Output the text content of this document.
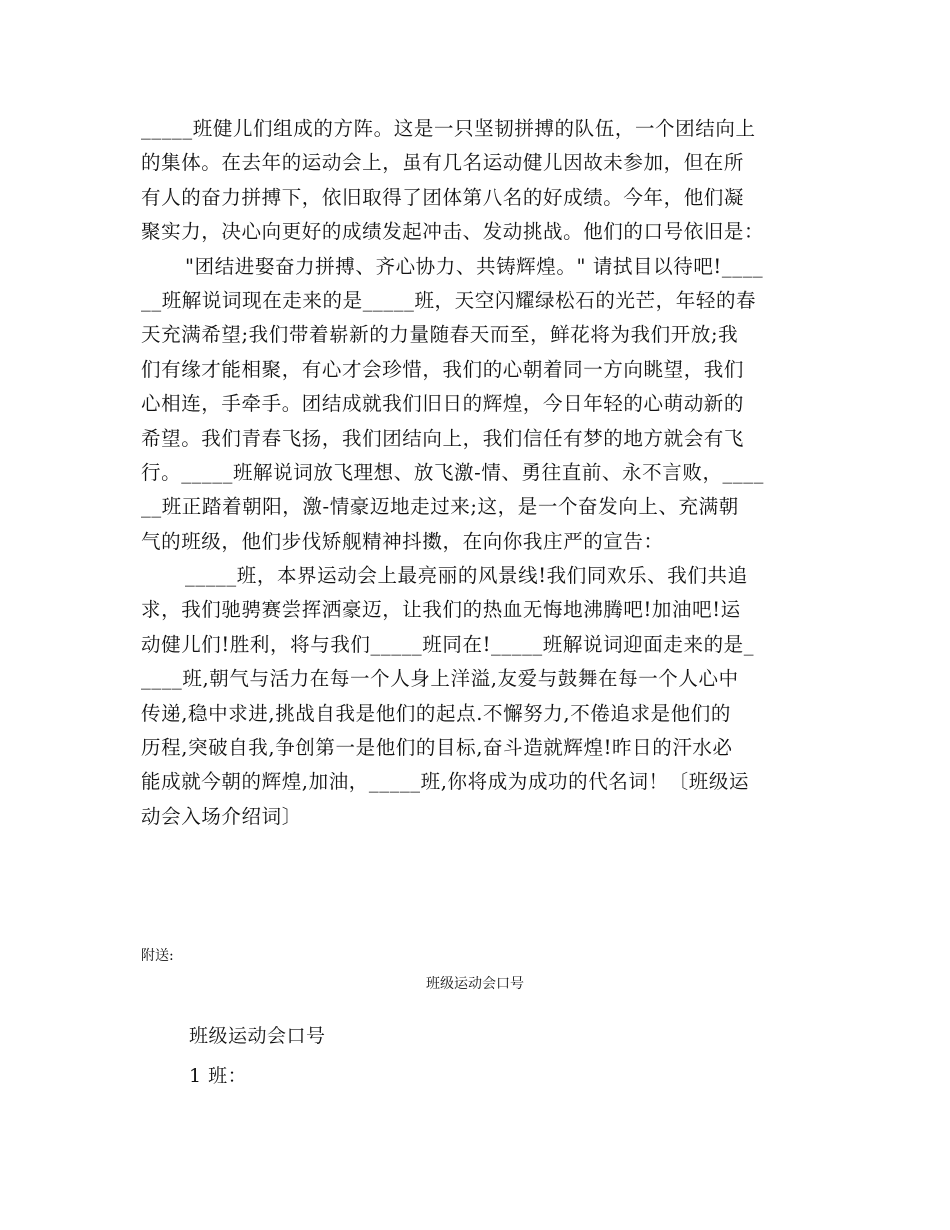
_____班健儿们组成的方阵。这是一只坚韧拼搏的队伍，一个团结向上
的集体。在去年的运动会上，虽有几名运动健儿因故未参加，但在所
有人的奋力拼搏下，依旧取得了团体第八名的好成绩。今年，他们凝
聚实力，决心向更好的成绩发起冲击、发动挑战。他们的口号依旧是：
"团结进娶奋力拼搏、齐心协力、共铸辉煌。" 请拭目以待吧!____
__班解说词现在走来的是_____班，天空闪耀绿松石的光芒，年轻的春
天充满希望;我们带着崭新的力量随春天而至，鲜花将为我们开放;我
们有缘才能相聚，有心才会珍惜，我们的心朝着同一方向眺望，我们
心相连，手牵手。团结成就我们旧日的辉煌，今日年轻的心萌动新的
希望。我们青春飞扬，我们团结向上，我们信任有梦的地方就会有飞
行。_____班解说词放飞理想、放飞激-情、勇往直前、永不言败，____
__班正踏着朝阳，激-情豪迈地走过来;这，是一个奋发向上、充满朝
气的班级，他们步伐矫舰精神抖擞，在向你我庄严的宣告：
_____班，本界运动会上最亮丽的风景线!我们同欢乐、我们共追
求，我们驰骋赛尝挥洒豪迈，让我们的热血无悔地沸腾吧!加油吧!运
动健儿们!胜利，将与我们_____班同在!_____班解说词迎面走来的是_
____班,朝气与活力在每一个人身上洋溢,友爱与鼓舞在每一个人心中
传递,稳中求进,挑战自我是他们的起点.不懈努力,不倦追求是他们的
历程,突破自我,争创第一是他们的目标,奋斗造就辉煌!昨日的汗水必
能成就今朝的辉煌,加油，_____班,你将成为成功的代名词！〔班级运
动会入场介绍词〕
附送:
班级运动会口号
班级运动会口号
1 班：
